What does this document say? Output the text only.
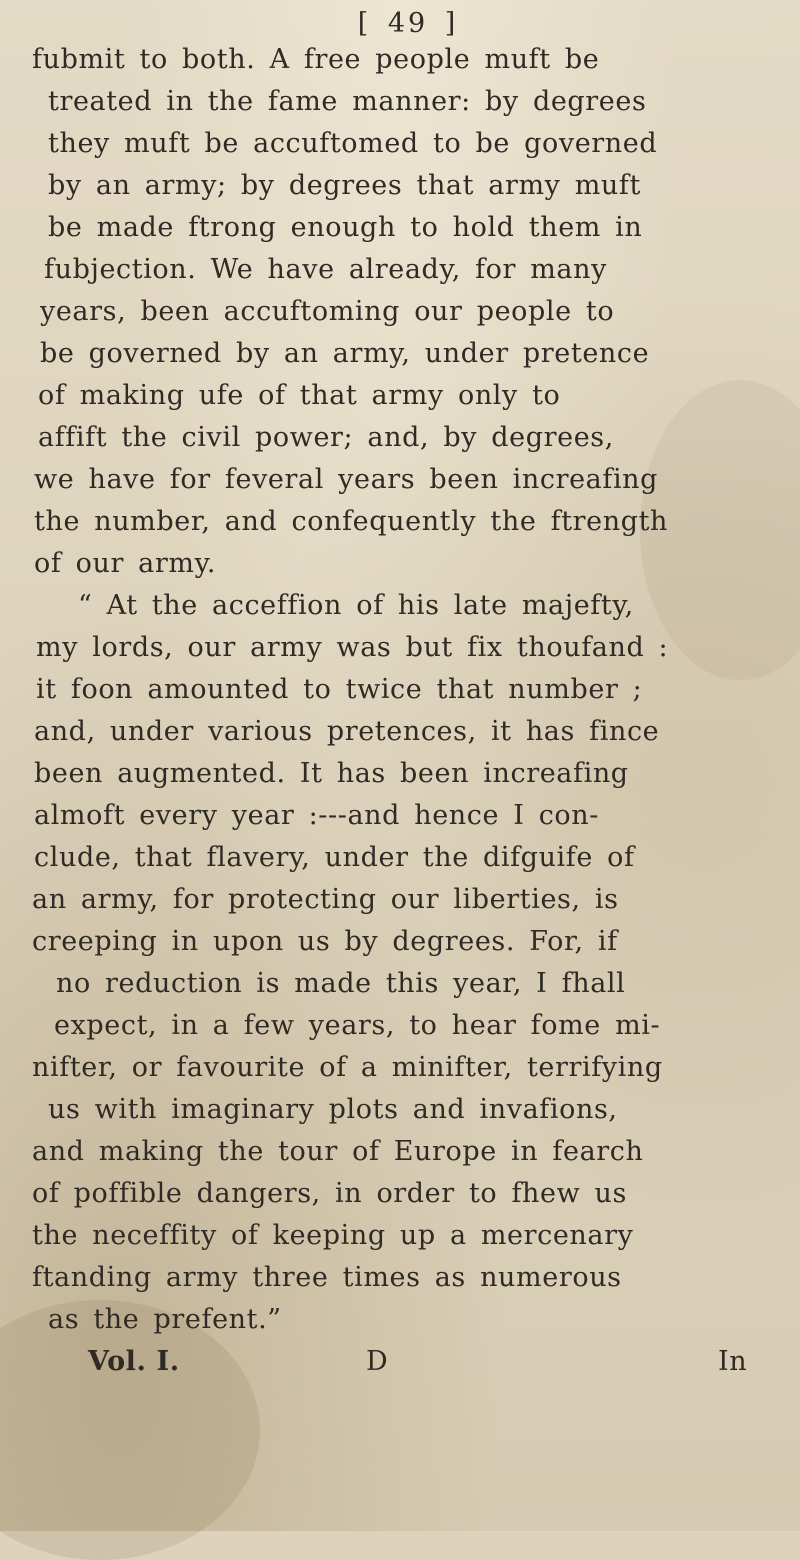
[ 49 ]
fubmit to both. A free people muft be
treated in the fame manner: by degrees
they muft be accuftomed to be governed
by an army; by degrees that army muft
be made ftrong enough to hold them in
fubjection. We have already, for many
years, been accuftoming our people to
be governed by an army, under pretence
of making ufe of that army only to
affift the civil power; and, by degrees,
we have for feveral years been increafing
the number, and confequently the ftrength
of our army.
“ At the acceffion of his late majefty,
my lords, our army was but fix thoufand :
it foon amounted to twice that number ;
and, under various pretences, it has fince
been augmented. It has been increafing
almoft every year :---and hence I con-
clude, that flavery, under the difguife of
an army, for protecting our liberties, is
creeping in upon us by degrees. For, if
no reduction is made this year, I fhall
expect, in a few years, to hear fome mi-
nifter, or favourite of a minifter, terrifying
us with imaginary plots and invafions,
and making the tour of Europe in fearch
of poffible dangers, in order to fhew us
the neceffity of keeping up a mercenary
ftanding army three times as numerous
as the prefent.”
Vol. I.	D	In
